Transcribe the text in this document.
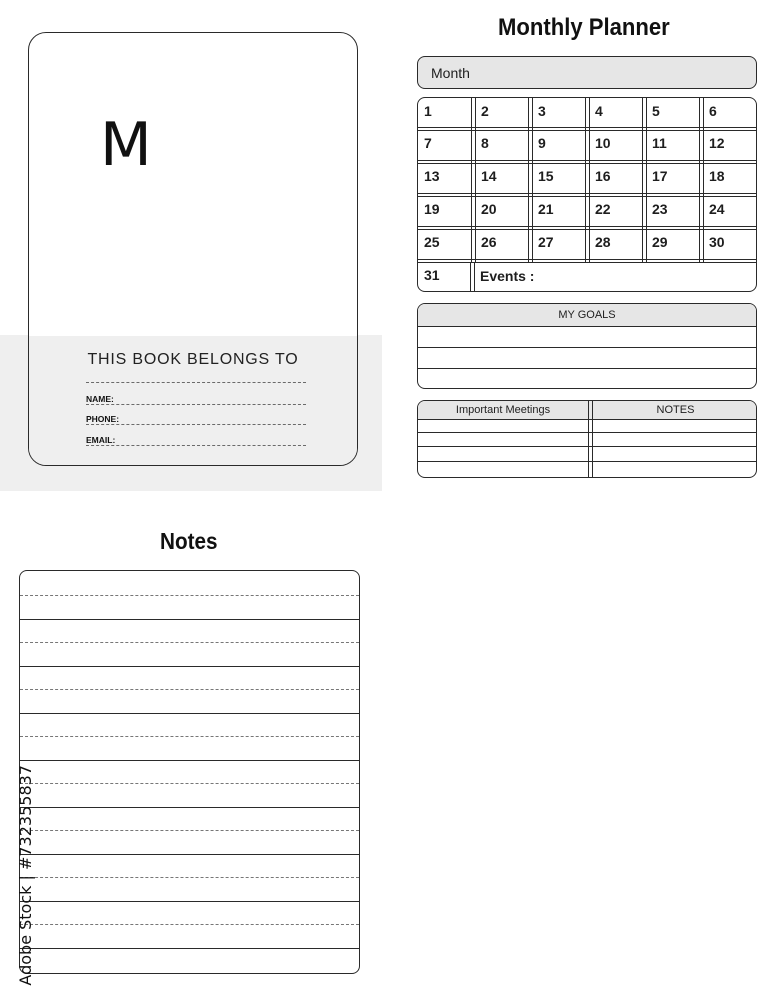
M
THIS BOOK BELONGS TO
NAME:
PHONE:
EMAIL:
Monthly Planner
Month
1	2	3	4	5	6
7	8	9	10	11	12
13	14	15	16	17	18
19	20	21	22	23	24
25	26	27	28	29	30
31	Events :
MY GOALS
Important Meetings	NOTES
Notes
Adobe Stock | #732355837
